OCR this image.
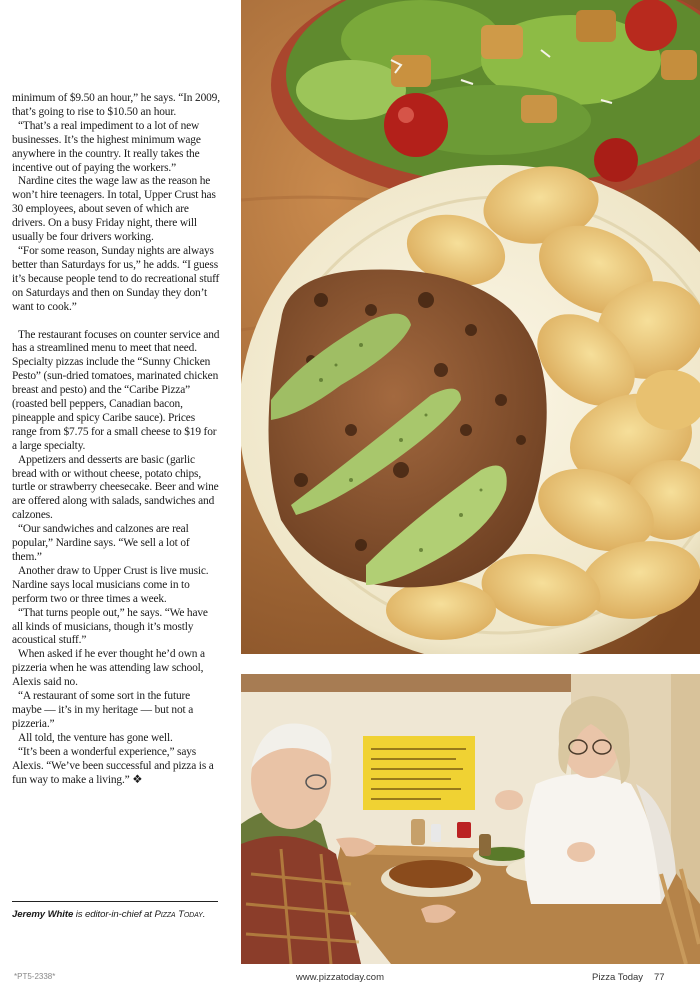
minimum of $9.50 an hour,” he says. “In 2009, that’s going to rise to $10.50 an hour.

“That’s a real impediment to a lot of new businesses. It’s the highest minimum wage anywhere in the country. It really takes the incentive out of paying the workers.”

Nardine cites the wage law as the reason he won’t hire teenagers. In total, Upper Crust has 30 employees, about seven of which are drivers. On a busy Friday night, there will usually be four drivers working.

“For some reason, Sunday nights are always better than Saturdays for us,” he adds. “I guess it’s because people tend to do recreational stuff on Saturdays and then on Sunday they don’t want to cook.”

The restaurant focuses on counter service and has a streamlined menu to meet that need. Specialty pizzas include the “Sunny Chicken Pesto” (sun-dried tomatoes, marinated chicken breast and pesto) and the “Caribe Pizza” (roasted bell peppers, Canadian bacon, pineapple and spicy Caribe sauce). Prices range from $7.75 for a small cheese to $19 for a large specialty.

Appetizers and desserts are basic (garlic bread with or without cheese, potato chips, turtle or strawberry cheesecake. Beer and wine are offered along with salads, sandwiches and calzones.

“Our sandwiches and calzones are real popular,” Nardine says. “We sell a lot of them.”

Another draw to Upper Crust is live music. Nardine says local musicians come in to perform two or three times a week.

“That turns people out,” he says. “We have all kinds of musicians, though it’s mostly acoustical stuff.”

When asked if he ever thought he’d own a pizzeria when he was attending law school, Alexis said no.

“A restaurant of some sort in the future maybe — it’s in my heritage — but not a pizzeria.”

All told, the venture has gone well.

“It’s been a wonderful experience,” says Alexis. “We’ve been successful and pizza is a fun way to make a living.” ❖

Jeremy White is editor-in-chief at Pizza Today.
*PT5-2338*	www.pizzatoday.com	Pizza Today 77
